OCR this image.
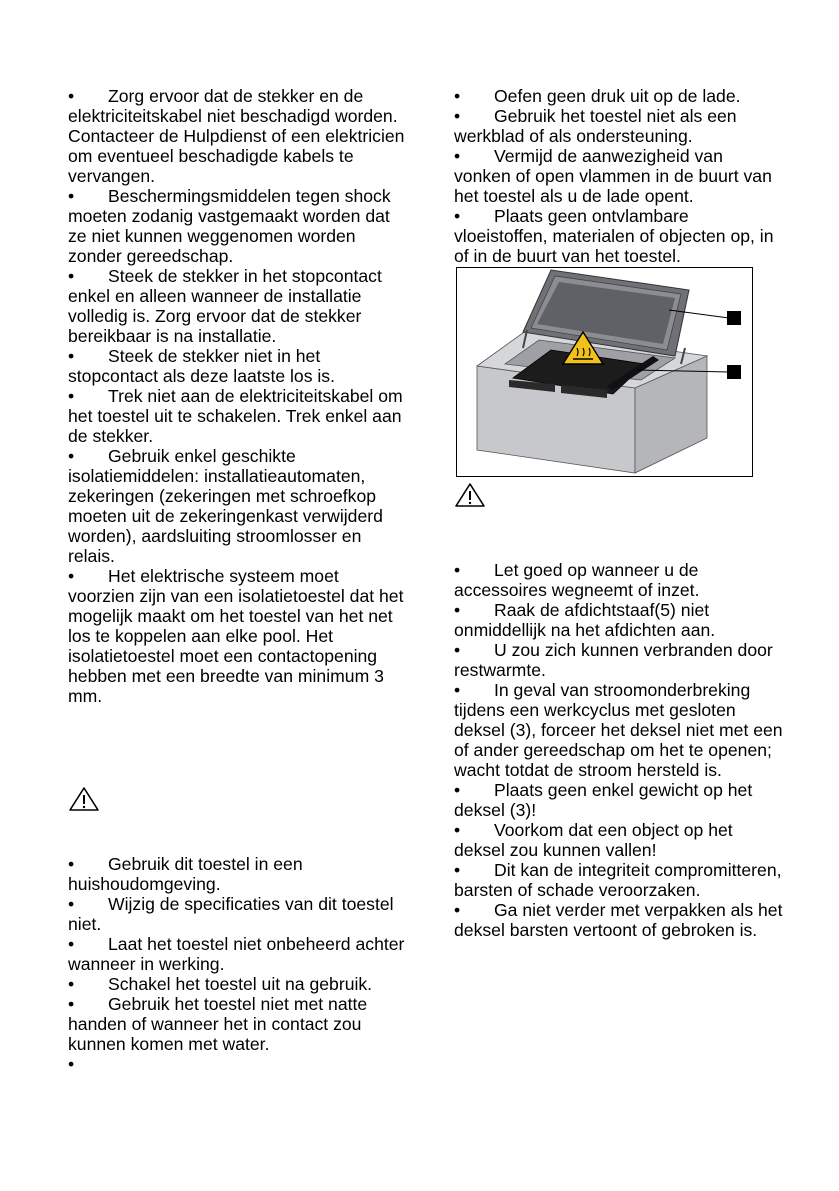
• Zorg ervoor dat de stekker en de elektriciteitskabel niet beschadigd worden. Contacteer de Hulpdienst of een elektricien om eventueel beschadigde kabels te vervangen.

• Beschermingsmiddelen tegen shock moeten zodanig vastgemaakt worden dat ze niet kunnen weggenomen worden zonder gereedschap.

• Steek de stekker in het stopcontact enkel en alleen wanneer de installatie volledig is. Zorg ervoor dat de stekker bereikbaar is na installatie.

• Steek de stekker niet in het stopcontact als deze laatste los is.

• Trek niet aan de elektriciteitskabel om het toestel uit te schakelen. Trek enkel aan de stekker.

• Gebruik enkel geschikte isolatiemiddelen: installatieautomaten, zekeringen (zekeringen met schroefkop moeten uit de zekeringenkast verwijderd worden), aardsluiting stroomlosser en relais.

• Het elektrische systeem moet voorzien zijn van een isolatietoestel dat het mogelijk maakt om het toestel van het net los te koppelen aan elke pool. Het isolatietoestel moet een contactopening hebben met een breedte van minimum 3 mm.

• Gebruik dit toestel in een huishoudomgeving.

• Wijzig de specificaties van dit toestel niet.

• Laat het toestel niet onbeheerd achter wanneer in werking.

• Schakel het toestel uit na gebruik.

• Gebruik het toestel niet met natte handen of wanneer het in contact zou kunnen komen met water.

•

• Oefen geen druk uit op de lade.

• Gebruik het toestel niet als een werkblad of als ondersteuning.

• Vermijd de aanwezigheid van vonken of open vlammen in de buurt van het toestel als u de lade opent.

• Plaats geen ontvlambare vloeistoffen, materialen of objecten op, in of in de buurt van het toestel.

• Let goed op wanneer u de accessoires wegneemt of inzet.

• Raak de afdichtstaaf(5) niet onmiddellijk na het afdichten aan.

• U zou zich kunnen verbranden door restwarmte.

• In geval van stroomonderbreking tijdens een werkcyclus met gesloten deksel (3), forceer het deksel niet met een of ander gereedschap om het te openen; wacht totdat de stroom hersteld is.

• Plaats geen enkel gewicht op het deksel (3)!

• Voorkom dat een object op het deksel zou kunnen vallen!

• Dit kan de integriteit compromitteren, barsten of schade veroorzaken.

• Ga niet verder met verpakken als het deksel barsten vertoont of gebroken is.
